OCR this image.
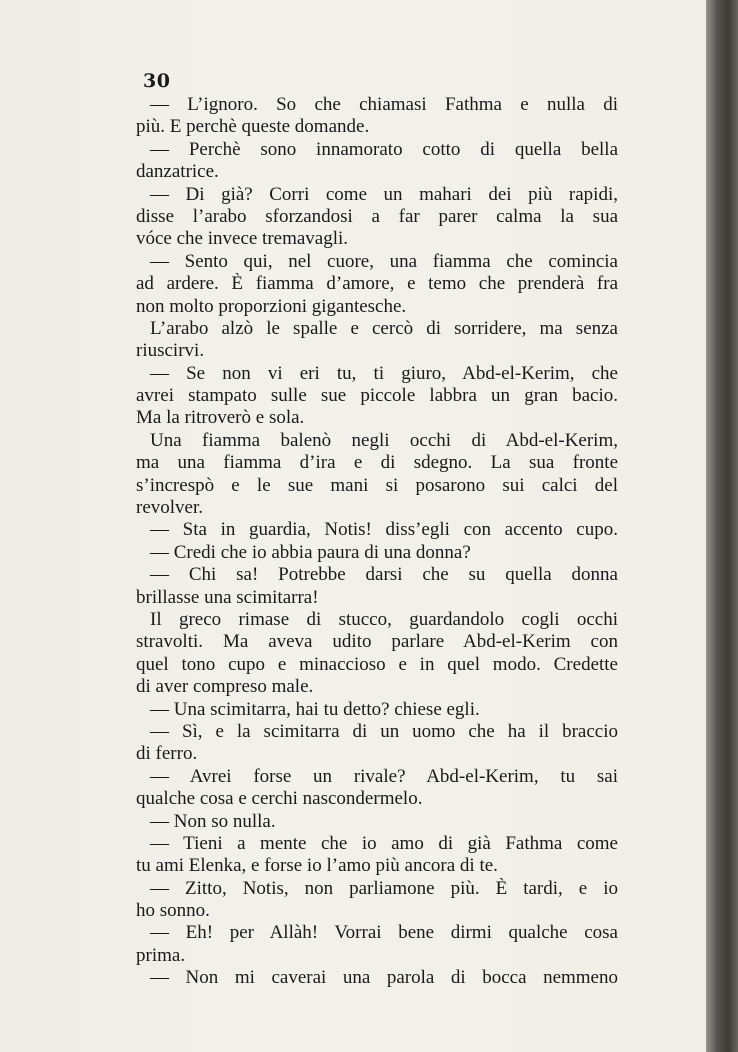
30
— L’ignoro. So che chiamasi Fathma e nulla di
più. E perchè queste domande.
— Perchè sono innamorato cotto di quella bella
danzatrice.
— Di già? Corri come un mahari dei più rapidi,
disse l’arabo sforzandosi a far parer calma la sua
vóce che invece tremavagli.
— Sento qui, nel cuore, una fiamma che comincia
ad ardere. È fiamma d’amore, e temo che prenderà fra
non molto proporzioni gigantesche.
L’arabo alzò le spalle e cercò di sorridere, ma senza
riuscirvi.
— Se non vi eri tu, ti giuro, Abd-el-Kerim, che
avrei stampato sulle sue piccole labbra un gran bacio.
Ma la ritroverò e sola.
Una fiamma balenò negli occhi di Abd-el-Kerim,
ma una fiamma d’ira e di sdegno. La sua fronte
s’increspò e le sue mani si posarono sui calci del
revolver.
— Sta in guardia, Notis! diss’egli con accento cupo.
— Credi che io abbia paura di una donna?
— Chi sa! Potrebbe darsi che su quella donna
brillasse una scimitarra!
Il greco rimase di stucco, guardandolo cogli occhi
stravolti. Ma aveva udito parlare Abd-el-Kerim con
quel tono cupo e minaccioso e in quel modo. Credette
di aver compreso male.
— Una scimitarra, hai tu detto? chiese egli.
— Sì, e la scimitarra di un uomo che ha il braccio
di ferro.
— Avrei forse un rivale? Abd-el-Kerim, tu sai
qualche cosa e cerchi nascondermelo.
— Non so nulla.
— Tieni a mente che io amo di già Fathma come
tu ami Elenka, e forse io l’amo più ancora di te.
— Zitto, Notis, non parliamone più. È tardi, e io
ho sonno.
— Eh! per Allàh! Vorrai bene dirmi qualche cosa
prima.
— Non mi caverai una parola di bocca nemmeno
